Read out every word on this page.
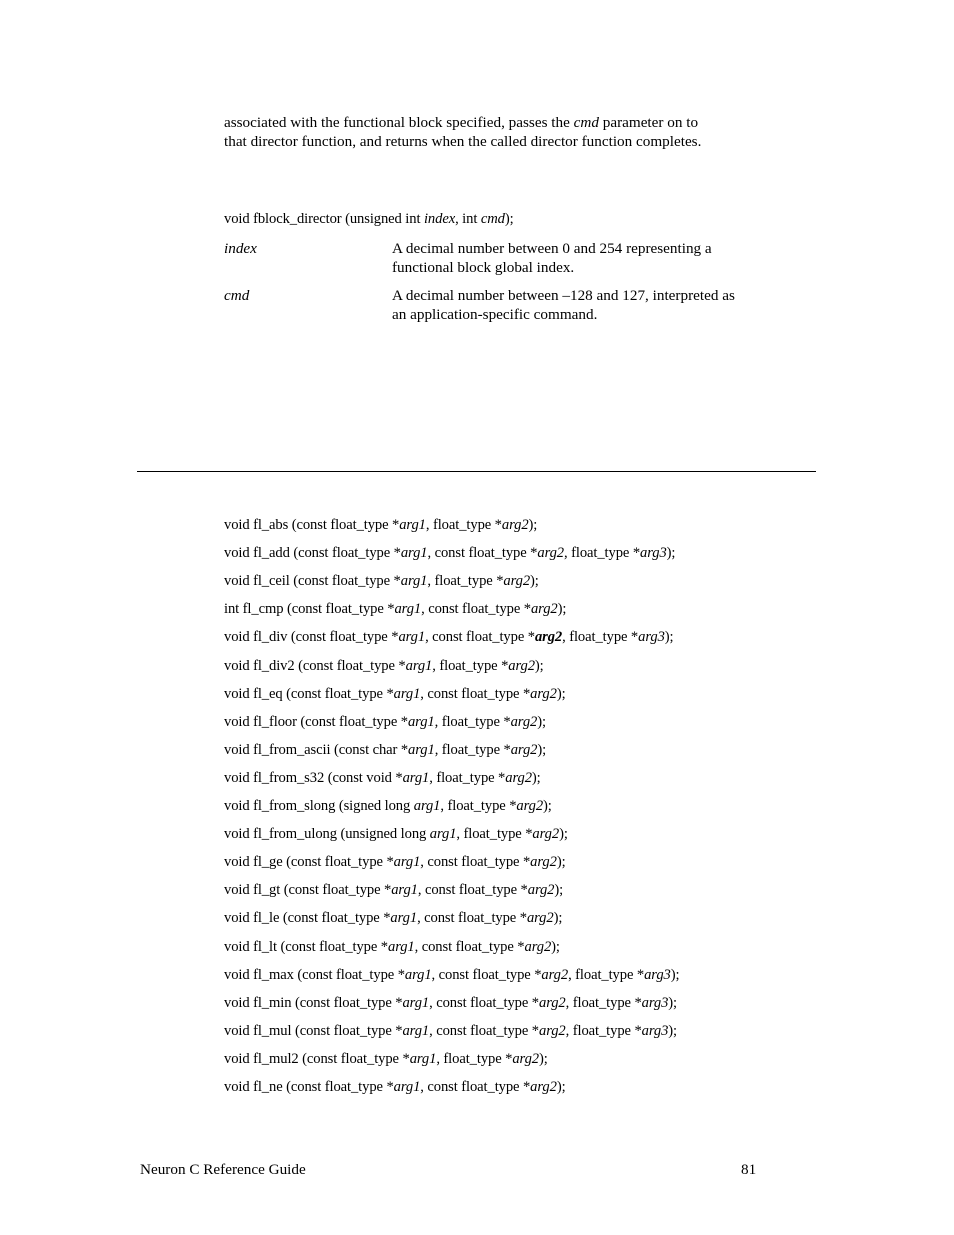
associated with the functional block specified, passes the cmd parameter on to
that director function, and returns when the called director function completes.
void fblock_director (unsigned int index, int cmd);
index	A decimal number between 0 and 254 representing a
functional block global index.
cmd	A decimal number between –128 and 127, interpreted as
an application-specific command.
void fl_abs (const float_type *arg1, float_type *arg2);
void fl_add (const float_type *arg1, const float_type *arg2, float_type *arg3);
void fl_ceil (const float_type *arg1, float_type *arg2);
int fl_cmp (const float_type *arg1, const float_type *arg2);
void fl_div (const float_type *arg1, const float_type *arg2, float_type *arg3);
void fl_div2 (const float_type *arg1, float_type *arg2);
void fl_eq (const float_type *arg1, const float_type *arg2);
void fl_floor (const float_type *arg1, float_type *arg2);
void fl_from_ascii (const char *arg1, float_type *arg2);
void fl_from_s32 (const void *arg1, float_type *arg2);
void fl_from_slong (signed long arg1, float_type *arg2);
void fl_from_ulong (unsigned long arg1, float_type *arg2);
void fl_ge (const float_type *arg1, const float_type *arg2);
void fl_gt (const float_type *arg1, const float_type *arg2);
void fl_le (const float_type *arg1, const float_type *arg2);
void fl_lt (const float_type *arg1, const float_type *arg2);
void fl_max (const float_type *arg1, const float_type *arg2, float_type *arg3);
void fl_min (const float_type *arg1, const float_type *arg2, float_type *arg3);
void fl_mul (const float_type *arg1, const float_type *arg2, float_type *arg3);
void fl_mul2 (const float_type *arg1, float_type *arg2);
void fl_ne (const float_type *arg1, const float_type *arg2);
Neuron C Reference Guide	81
